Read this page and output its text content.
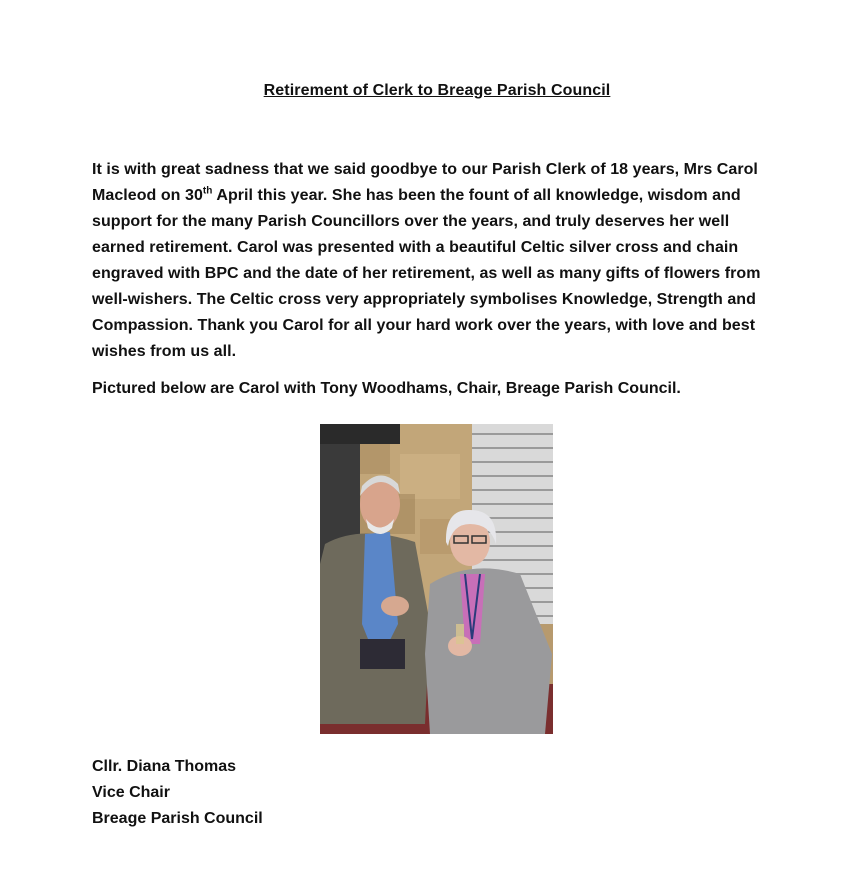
Retirement of Clerk to Breage Parish Council

It is with great sadness that we said goodbye to our Parish Clerk of 18 years, Mrs Carol Macleod on 30th April this year. She has been the fount of all knowledge, wisdom and support for the many Parish Councillors over the years, and truly deserves her well earned retirement. Carol was presented with a beautiful Celtic silver cross and chain engraved with BPC and the date of her retirement, as well as many gifts of flowers from well-wishers. The Celtic cross very appropriately symbolises Knowledge, Strength and Compassion. Thank you Carol for all your hard work over the years, with love and best wishes from us all.

Pictured below are Carol with Tony Woodhams, Chair, Breage Parish Council.
Cllr. Diana Thomas
Vice Chair
Breage Parish Council
